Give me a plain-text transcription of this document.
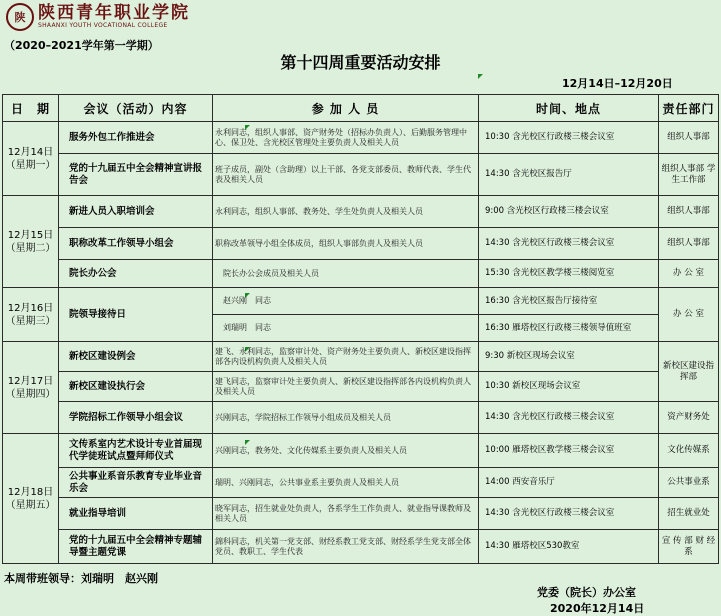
陕 陕西青年职业学院
SHAANXI YOUTH VOCATIONAL COLLEGE
（2020–2021学年第一学期）
第十四周重要活动安排
12月14日–12月20日
日　期	会议（活动）内容	参 加 人 员	时间、地点	责任部门

12月14日
（星期一）	服务外包工作推进会	永利同志，组织人事部、资产财务处（招标办负责人）、后勤服务管理中心、保卫处、含光校区管理处主要负责人及相关人员	10:30 含光校区行政楼三楼会议室	组织人事部
	党的十九届五中全会精神宣讲报告会	班子成员，副处（含助理）以上干部、各党支部委员、教师代表、学生代表及相关人员	14:30 含光校区报告厅	组织人事部 学生工作部

12月15日
（星期二）	新进人员入职培训会	永利同志，组织人事部、教务处、学生处负责人及相关人员	9:00 含光校区行政楼三楼会议室	组织人事部
	职称改革工作领导小组会	职称改革领导小组全体成员，组织人事部负责人及相关人员	14:30 含光校区行政楼三楼会议室	组织人事部
	院长办公会	院长办公会成员及相关人员	15:30 含光校区教学楼三楼阅览室	办 公 室

12月16日
（星期三）	院领导接待日	赵兴刚　同志	16:30 含光校区报告厅接待室	办 公 室
		刘瑞明　同志	16:30 雁塔校区行政楼三楼领导值班室	

12月17日
（星期四）	新校区建设例会	建飞、永利同志，监察审计处、资产财务处主要负责人、新校区建设指挥部各内设机构负责人及相关人员	9:30 新校区现场会议室	新校区建设指挥部
	新校区建设执行会	建飞同志，监察审计处主要负责人、新校区建设指挥部各内设机构负责人及相关人员	10:30 新校区现场会议室	
	学院招标工作领导小组会议	兴刚同志，学院招标工作领导小组成员及相关人员	14:30 含光校区行政楼三楼会议室	资产财务处

12月18日
（星期五）	文传系室内艺术设计专业首届现代学徒班试点暨拜师仪式	兴刚同志，教务处、文化传媒系主要负责人及相关人员	10:00 雁塔校区教学楼三楼会议室	文化传媒系
	公共事业系音乐教育专业毕业音乐会	瑞明、兴刚同志，公共事业系主要负责人及相关人员	14:00 西安音乐厅	公共事业系
	就业指导培训	晓军同志，招生就业处负责人，各系学生工作负责人、就业指导课教师及相关人员	14:30 含光校区行政楼三楼会议室	招生就业处
	党的十九届五中全会精神专题辅导暨主题党课	錦科同志，机关第一党支部、财经系教工党支部、财经系学生党支部全体党员、教职工、学生代表	14:30 雁塔校区530教室	宣 传 部 财 经 系
本周带班领导：刘瑞明　赵兴刚
党委（院长）办公室
2020年12月14日
